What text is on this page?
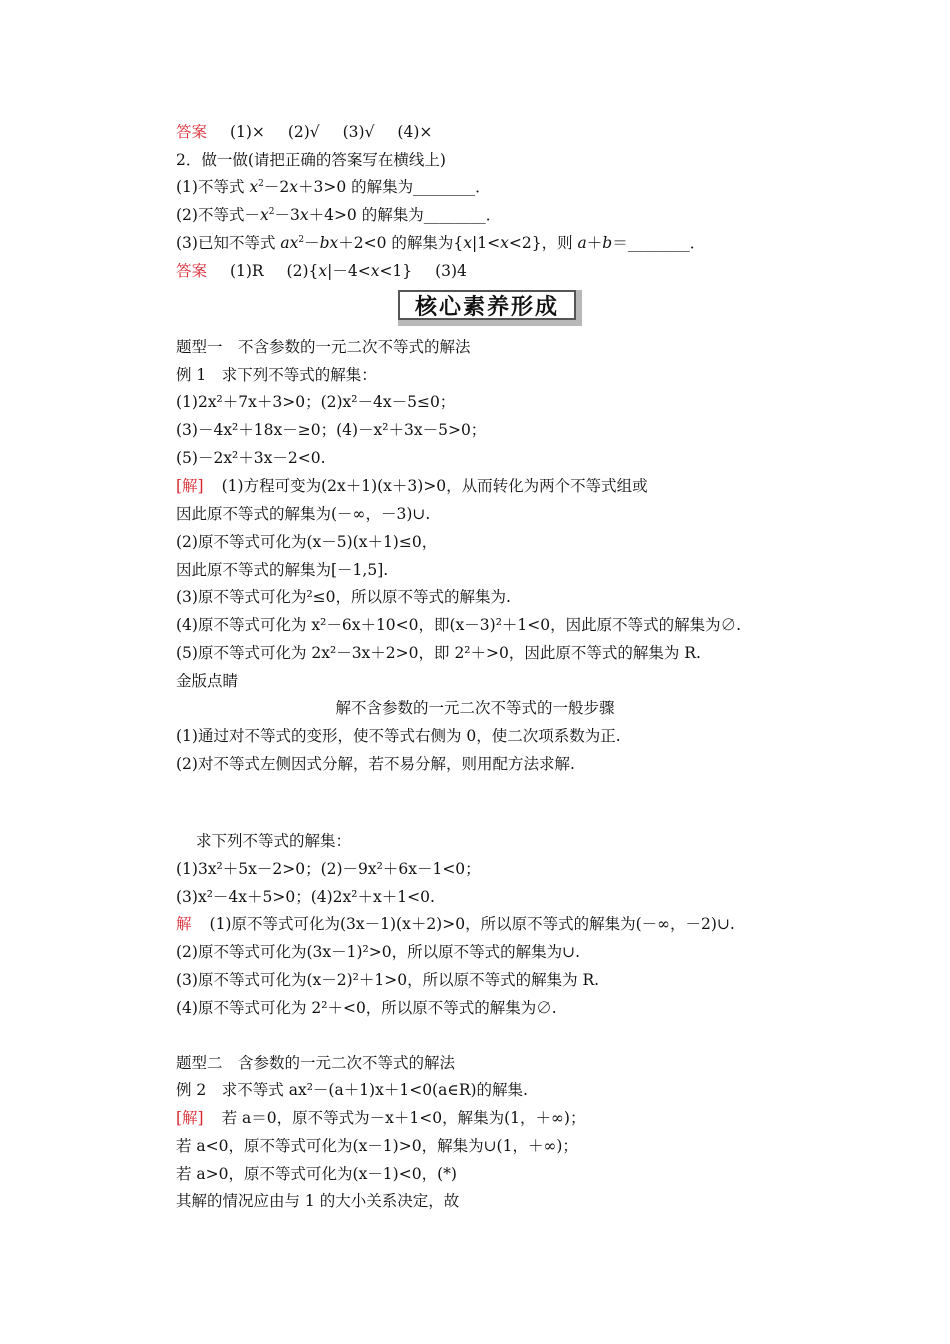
答案 (1)× (2)√ (3)√ (4)×
2．做一做(请把正确的答案写在横线上)
(1)不等式 $x^2-2x+3>0$ 的解集为________．
(2)不等式$-x^2-3x+4>0$ 的解集为________．
(3)已知不等式 $ax^2-bx+2<0$ 的解集为{x|1<x<2}，则 a＋b＝________．
答案 (1)R (2){x|－4<x<1} (3)4
核心素养形成
题型一　不含参数的一元二次不等式的解法
例 1　求下列不等式的解集：
(1)2x²＋7x＋3>0；(2)x²－4x－5≤0；
(3)－4x²＋18x－≥0；(4)－x²＋3x－5>0；
(5)－2x²＋3x－2<0.
[解] (1)方程可变为(2x＋1)(x＋3)>0，从而转化为两个不等式组或
因此原不等式的解集为(－∞，－3)∪.
(2)原不等式可化为(x－5)(x＋1)≤0，
因此原不等式的解集为[－1,5].
(3)原不等式可化为²≤0，所以原不等式的解集为.
(4)原不等式可化为 x²－6x＋10<0，即(x－3)²＋1<0，因此原不等式的解集为∅.
(5)原不等式可化为 2x²－3x＋2>0，即 2²＋>0，因此原不等式的解集为 R.
金版点睛
解不含参数的一元二次不等式的一般步骤
(1)通过对不等式的变形，使不等式右侧为 0，使二次项系数为正.
(2)对不等式左侧因式分解，若不易分解，则用配方法求解.
求下列不等式的解集：
(1)3x²＋5x－2>0；(2)－9x²＋6x－1<0；
(3)x²－4x＋5>0；(4)2x²＋x＋1<0.
解 (1)原不等式可化为(3x－1)(x＋2)>0，所以原不等式的解集为(－∞，－2)∪.
(2)原不等式可化为(3x－1)²>0，所以原不等式的解集为∪.
(3)原不等式可化为(x－2)²＋1>0，所以原不等式的解集为 R.
(4)原不等式可化为 2²＋<0，所以原不等式的解集为∅.
题型二　含参数的一元二次不等式的解法
例 2　求不等式 ax²－(a＋1)x＋1<0(a∈R)的解集.
[解] 若 a＝0，原不等式为－x＋1<0，解集为(1，＋∞)；
若 a<0，原不等式可化为(x－1)>0，解集为∪(1，＋∞)；
若 a>0，原不等式可化为(x－1)<0，(*)
其解的情况应由与 1 的大小关系决定，故
